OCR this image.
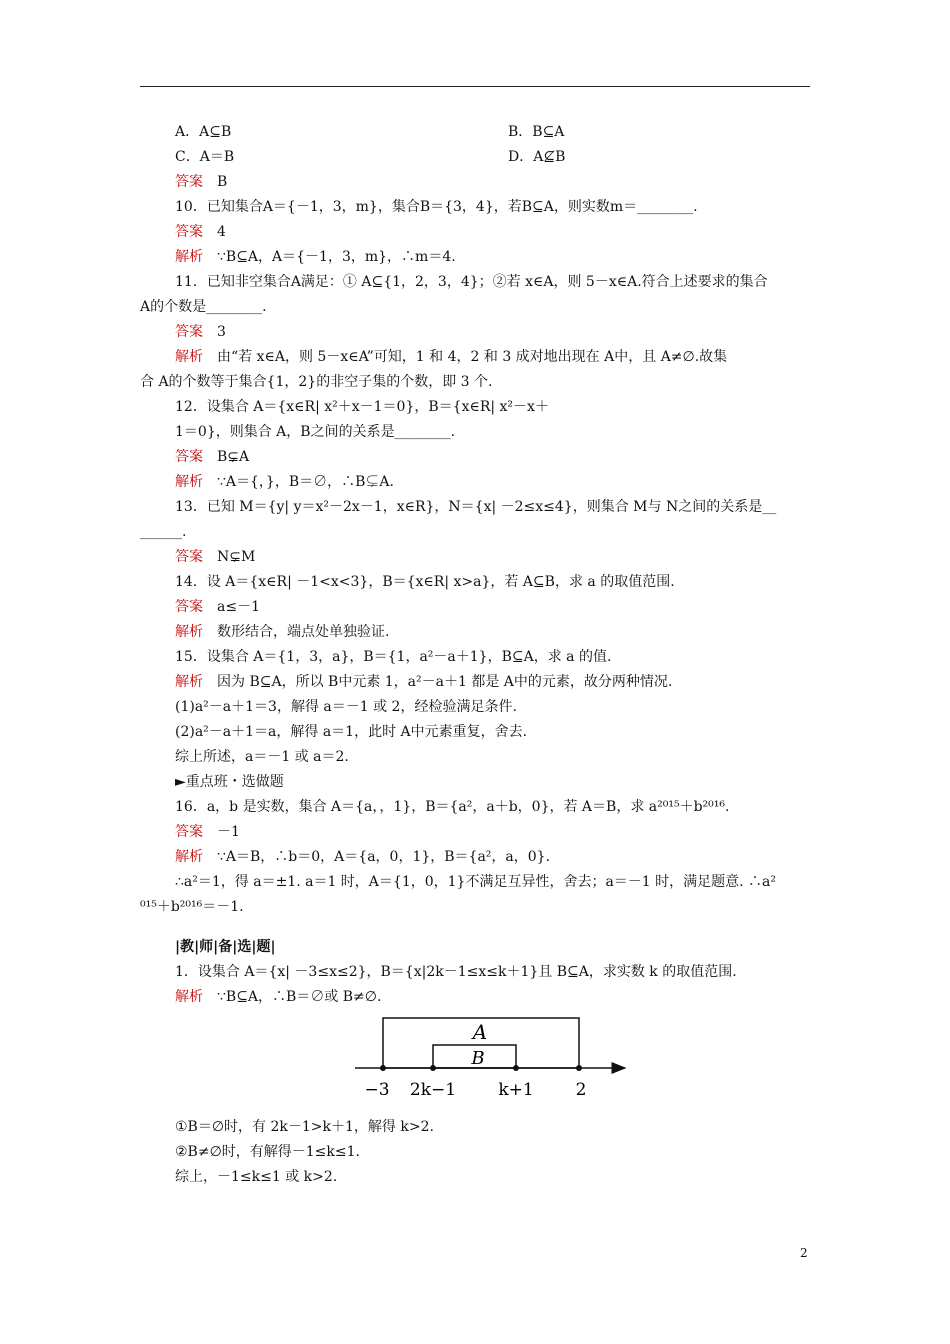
A．A⊆B	B．B⊆A
C．A＝B	D．A⊈B
答案 B
10．已知集合A＝{－1，3，m}，集合B＝{3，4}，若B⊆A，则实数m＝________.
答案 4
解析 ∵B⊆A，A＝{－1，3，m}，∴m＝4.
11．已知非空集合A满足：① A⊆{1，2，3，4}；②若 x∈A，则 5－x∈A.符合上述要求的集合
A的个数是________.
答案 3
解析 由“若 x∈A，则 5－x∈A”可知，1 和 4，2 和 3 成对地出现在 A中，且 A≠∅.故集
合 A的个数等于集合{1，2}的非空子集的个数，即 3 个.
12．设集合 A＝{x∈R| x²＋x－1＝0}，B＝{x∈R| x²－x＋
1＝0}，则集合 A，B之间的关系是________.
答案 B⊊A
解析 ∵A＝{，}，B＝∅，∴B⊊A.
13．已知 M＝{y| y＝x²－2x－1，x∈R}，N＝{x| －2≤x≤4}，则集合 M与 N之间的关系是__
______.
答案 N⊊M
14．设 A＝{x∈R| －1<x<3}，B＝{x∈R| x>a}，若 A⊆B，求 a 的取值范围.
答案 a≤－1
解析 数形结合，端点处单独验证.
15．设集合 A＝{1，3，a}，B＝{1，a²－a＋1}，B⊆A，求 a 的值.
解析 因为 B⊆A，所以 B中元素 1，a²－a＋1 都是 A中的元素，故分两种情况.
(1)a²－a＋1＝3，解得 a＝－1 或 2，经检验满足条件.
(2)a²－a＋1＝a，解得 a＝1，此时 A中元素重复，舍去.
综上所述，a＝－1 或 a＝2.
►重点班・选做题
16．a，b 是实数，集合 A＝{a，，1}，B＝{a²，a＋b，0}，若 A＝B，求 a²⁰¹⁵＋b²⁰¹⁶.
答案 －1
解析 ∵A＝B，∴b＝0，A＝{a，0，1}，B＝{a²，a，0}.
∴a²＝1，得 a＝±1. a＝1 时，A＝{1，0，1}不满足互异性，舍去；a＝－1 时，满足题意. ∴a²
⁰¹⁵＋b²⁰¹⁶＝－1.
|教|师|备|选|题|
1．设集合 A＝{x| －3≤x≤2}，B＝{x|2k－1≤x≤k＋1}且 B⊆A，求实数 k 的取值范围.
解析 ∵B⊆A，∴B＝∅或 B≠∅.
A
B
−3 2k−1 k+1 2
①B＝∅时，有 2k－1>k＋1，解得 k>2.
②B≠∅时，有解得－1≤k≤1.
综上，－1≤k≤1 或 k>2.
2
